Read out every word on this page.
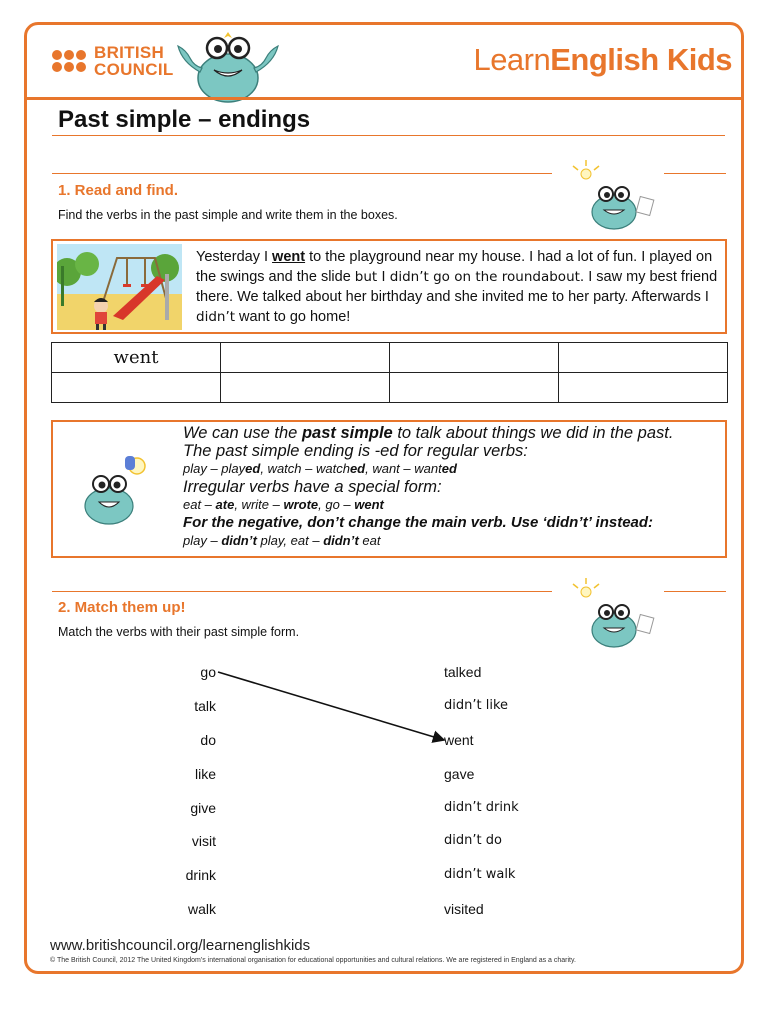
BRITISH
COUNCIL	LearnEnglish Kids
Past simple – endings
1. Read and find.
Find the verbs in the past simple and write them in the boxes.
Yesterday I went to the playground near my house. I had a lot of fun. I played on the swings and the slide but I didn’t go on the roundabout. I saw my best friend there. We talked about her birthday and she invited me to her party. Afterwards I didn’t want to go home!
went			

We can use the past simple to talk about things we did in the past.
The past simple ending is -ed for regular verbs:
play – played, watch – watched, want – wanted
Irregular verbs have a special form:
eat – ate, write – wrote, go – went
For the negative, don’t change the main verb. Use ‘didn’t’ instead:
play – didn’t play, eat – didn’t eat
2. Match them up!
Match the verbs with their past simple form.
go
talk
do
like
give
visit
drink
walk
talked
didn’t like
went
gave
didn’t drink
didn’t do
didn’t walk
visited
www.britishcouncil.org/learnenglishkids
© The British Council, 2012 The United Kingdom’s international organisation for educational opportunities and cultural relations. We are registered in England as a charity.
